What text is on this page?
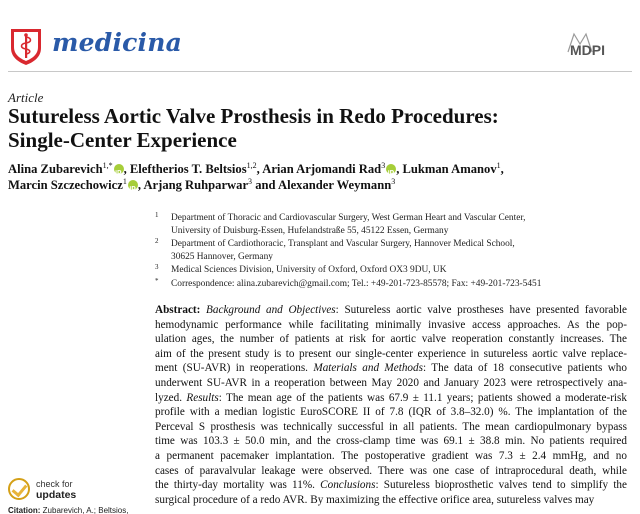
medicina	MDPI
Article
Sutureless Aortic Valve Prosthesis in Redo Procedures:
Single-Center Experience
Alina Zubarevich$^{1,*}$ iD , Eleftherios T. Beltsios$^{1,2}$, Arian Arjomandi Rad$^3$ iD , Lukman Amanov$^1$,
Marcin Szczechowicz$^1$ iD , Arjang Ruhparwar$^3$ and Alexander Weymann$^3$
1 Department of Thoracic and Cardiovascular Surgery, West German Heart and Vascular Center,
University of Duisburg-Essen, Hufelandstraße 55, 45122 Essen, Germany
2 Department of Cardiothoracic, Transplant and Vascular Surgery, Hannover Medical School,
30625 Hannover, Germany
3 Medical Sciences Division, University of Oxford, Oxford OX3 9DU, UK
* Correspondence: alina.zubarevich@gmail.com; Tel.: +49-201-723-85578; Fax: +49-201-723-5451
Abstract: Background and Objectives: Sutureless aortic valve prostheses have presented favorable
hemodynamic performance while facilitating minimally invasive access approaches. As the pop-
ulation ages, the number of patients at risk for aortic valve reoperation constantly increases. The
aim of the present study is to present our single-center experience in sutureless aortic valve replace-
ment (SU-AVR) in reoperations. Materials and Methods: The data of 18 consecutive patients who
underwent SU-AVR in a reoperation between May 2020 and January 2023 were retrospectively ana-
lyzed. Results: The mean age of the patients was 67.9 ± 11.1 years; patients showed a moderate-risk
profile with a median logistic EuroSCORE II of 7.8 (IQR of 3.8–32.0) %. The implantation of the
Perceval S prosthesis was technically successful in all patients. The mean cardiopulmonary bypass
time was 103.3 ± 50.0 min, and the cross-clamp time was 69.1 ± 38.8 min. No patients required
a permanent pacemaker implantation. The postoperative gradient was 7.3 ± 2.4 mmHg, and no
cases of paravalvular leakage were observed. There was one case of intraprocedural death, while
the thirty-day mortality was 11%. Conclusions: Sutureless bioprosthetic valves tend to simplify the
surgical procedure of a redo AVR. By maximizing the effective orifice area, sutureless valves may
check for
updates
Citation: Zubarevich, A.; Beltsios,
